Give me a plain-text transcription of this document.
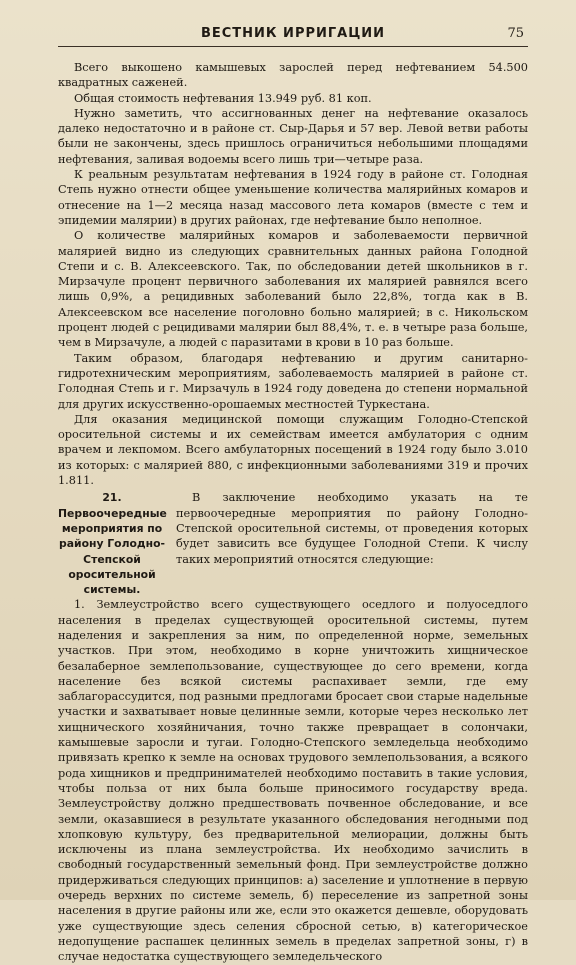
ВЕСТНИК ИРРИГАЦИИ	75

Всего выкошено камышевых зарослей перед нефтеванием 54.500 квадратных саженей.

Общая стоимость нефтевания 13.949 руб. 81 коп.

Нужно заметить, что ассигнованных денег на нефтевание оказалось далеко недостаточно и в районе ст. Сыр-Дарья и 57 вер. Левой ветви работы были не закончены, здесь пришлось ограничиться небольшими площадями нефтевания, заливая водоемы всего лишь три—четыре раза.

К реальным результатам нефтевания в 1924 году в районе ст. Голодная Степь нужно отнести общее уменьшение количества малярийных комаров и отнесение на 1—2 месяца назад массового лета комаров (вместе с тем и эпидемии малярии) в других районах, где нефтевание было неполное.

О количестве малярийных комаров и заболеваемости первичной малярией видно из следующих сравнительных данных района Голодной Степи и с. В. Алексеевского. Так, по обследовании детей школьников в г. Мирзачуле процент первичного заболевания их малярией равнялся всего лишь 0,9%, а рецидивных заболеваний было 22,8%, тогда как в В. Алексеевском все население поголовно больно малярией; в с. Никольском процент людей с рецидивами малярии был 88,4%, т. е. в четыре раза больше, чем в Мирзачуле, а людей с паразитами в крови в 10 раз больше.

Таким образом, благодаря нефтеванию и другим санитарно-гидротехническим мероприятиям, заболеваемость малярией в районе ст. Голодная Степь и г. Мирзачуль в 1924 году доведена до степени нормальной для других искусственно-орошаемых местностей Туркестана.

Для оказания медицинской помощи служащим Голодно-Степской оросительной системы и их семействам имеется амбулатория с одним врачем и лекпомом. Всего амбулаторных посещений в 1924 году было 3.010 из которых: с малярией 880, с инфекционными заболеваниями 319 и прочих 1.811.

21. Первоочередные мероприятия по району Голодно-Степской оросительной системы.

В заключение необходимо указать на те первоочередные мероприятия по району Голодно-Степской оросительной системы, от проведения которых будет зависить все будущее Голодной Степи. К числу таких мероприятий относятся следующие:

1. Землеустройство всего существующего оседлого и полуоседлого населения в пределах существующей оросительной системы, путем наделения и закрепления за ним, по определенной норме, земельных участков. При этом, необходимо в корне уничтожить хищническое безалаберное землепользование, существующее до сего времени, когда население без всякой системы распахивает земли, где ему заблагорассудится, под разными предлогами бросает свои старые надельные участки и захватывает новые целинные земли, которые через несколько лет хищнического хозяйничания, точно также превращает в солончаки, камышевые заросли и тугаи. Голодно-Степского земледельца необходимо привязать крепко к земле на основах трудового землепользования, а всякого рода хищников и предпринимателей необходимо поставить в такие условия, чтобы польза от них была больше приносимого государству вреда. Землеустройству должно предшествовать почвенное обследование, и все земли, оказавшиеся в результате указанного обследования негодными под хлопковую культуру, без предварительной мелиорации, должны быть исключены из плана землеустройства. Их необходимо зачислить в свободный государственный земельный фонд. При землеустройстве должно придерживаться следующих принципов: а) заселение и уплотнение в первую очередь верхних по системе земель, б) переселение из запретной зоны населения в другие районы или же, если это окажется дешевле, оборудовать уже существующие здесь селения сбросной сетью, в) категорическое недопущение распашек целинных земель в пределах запретной зоны, г) в случае недостатка существующего земледельческого
